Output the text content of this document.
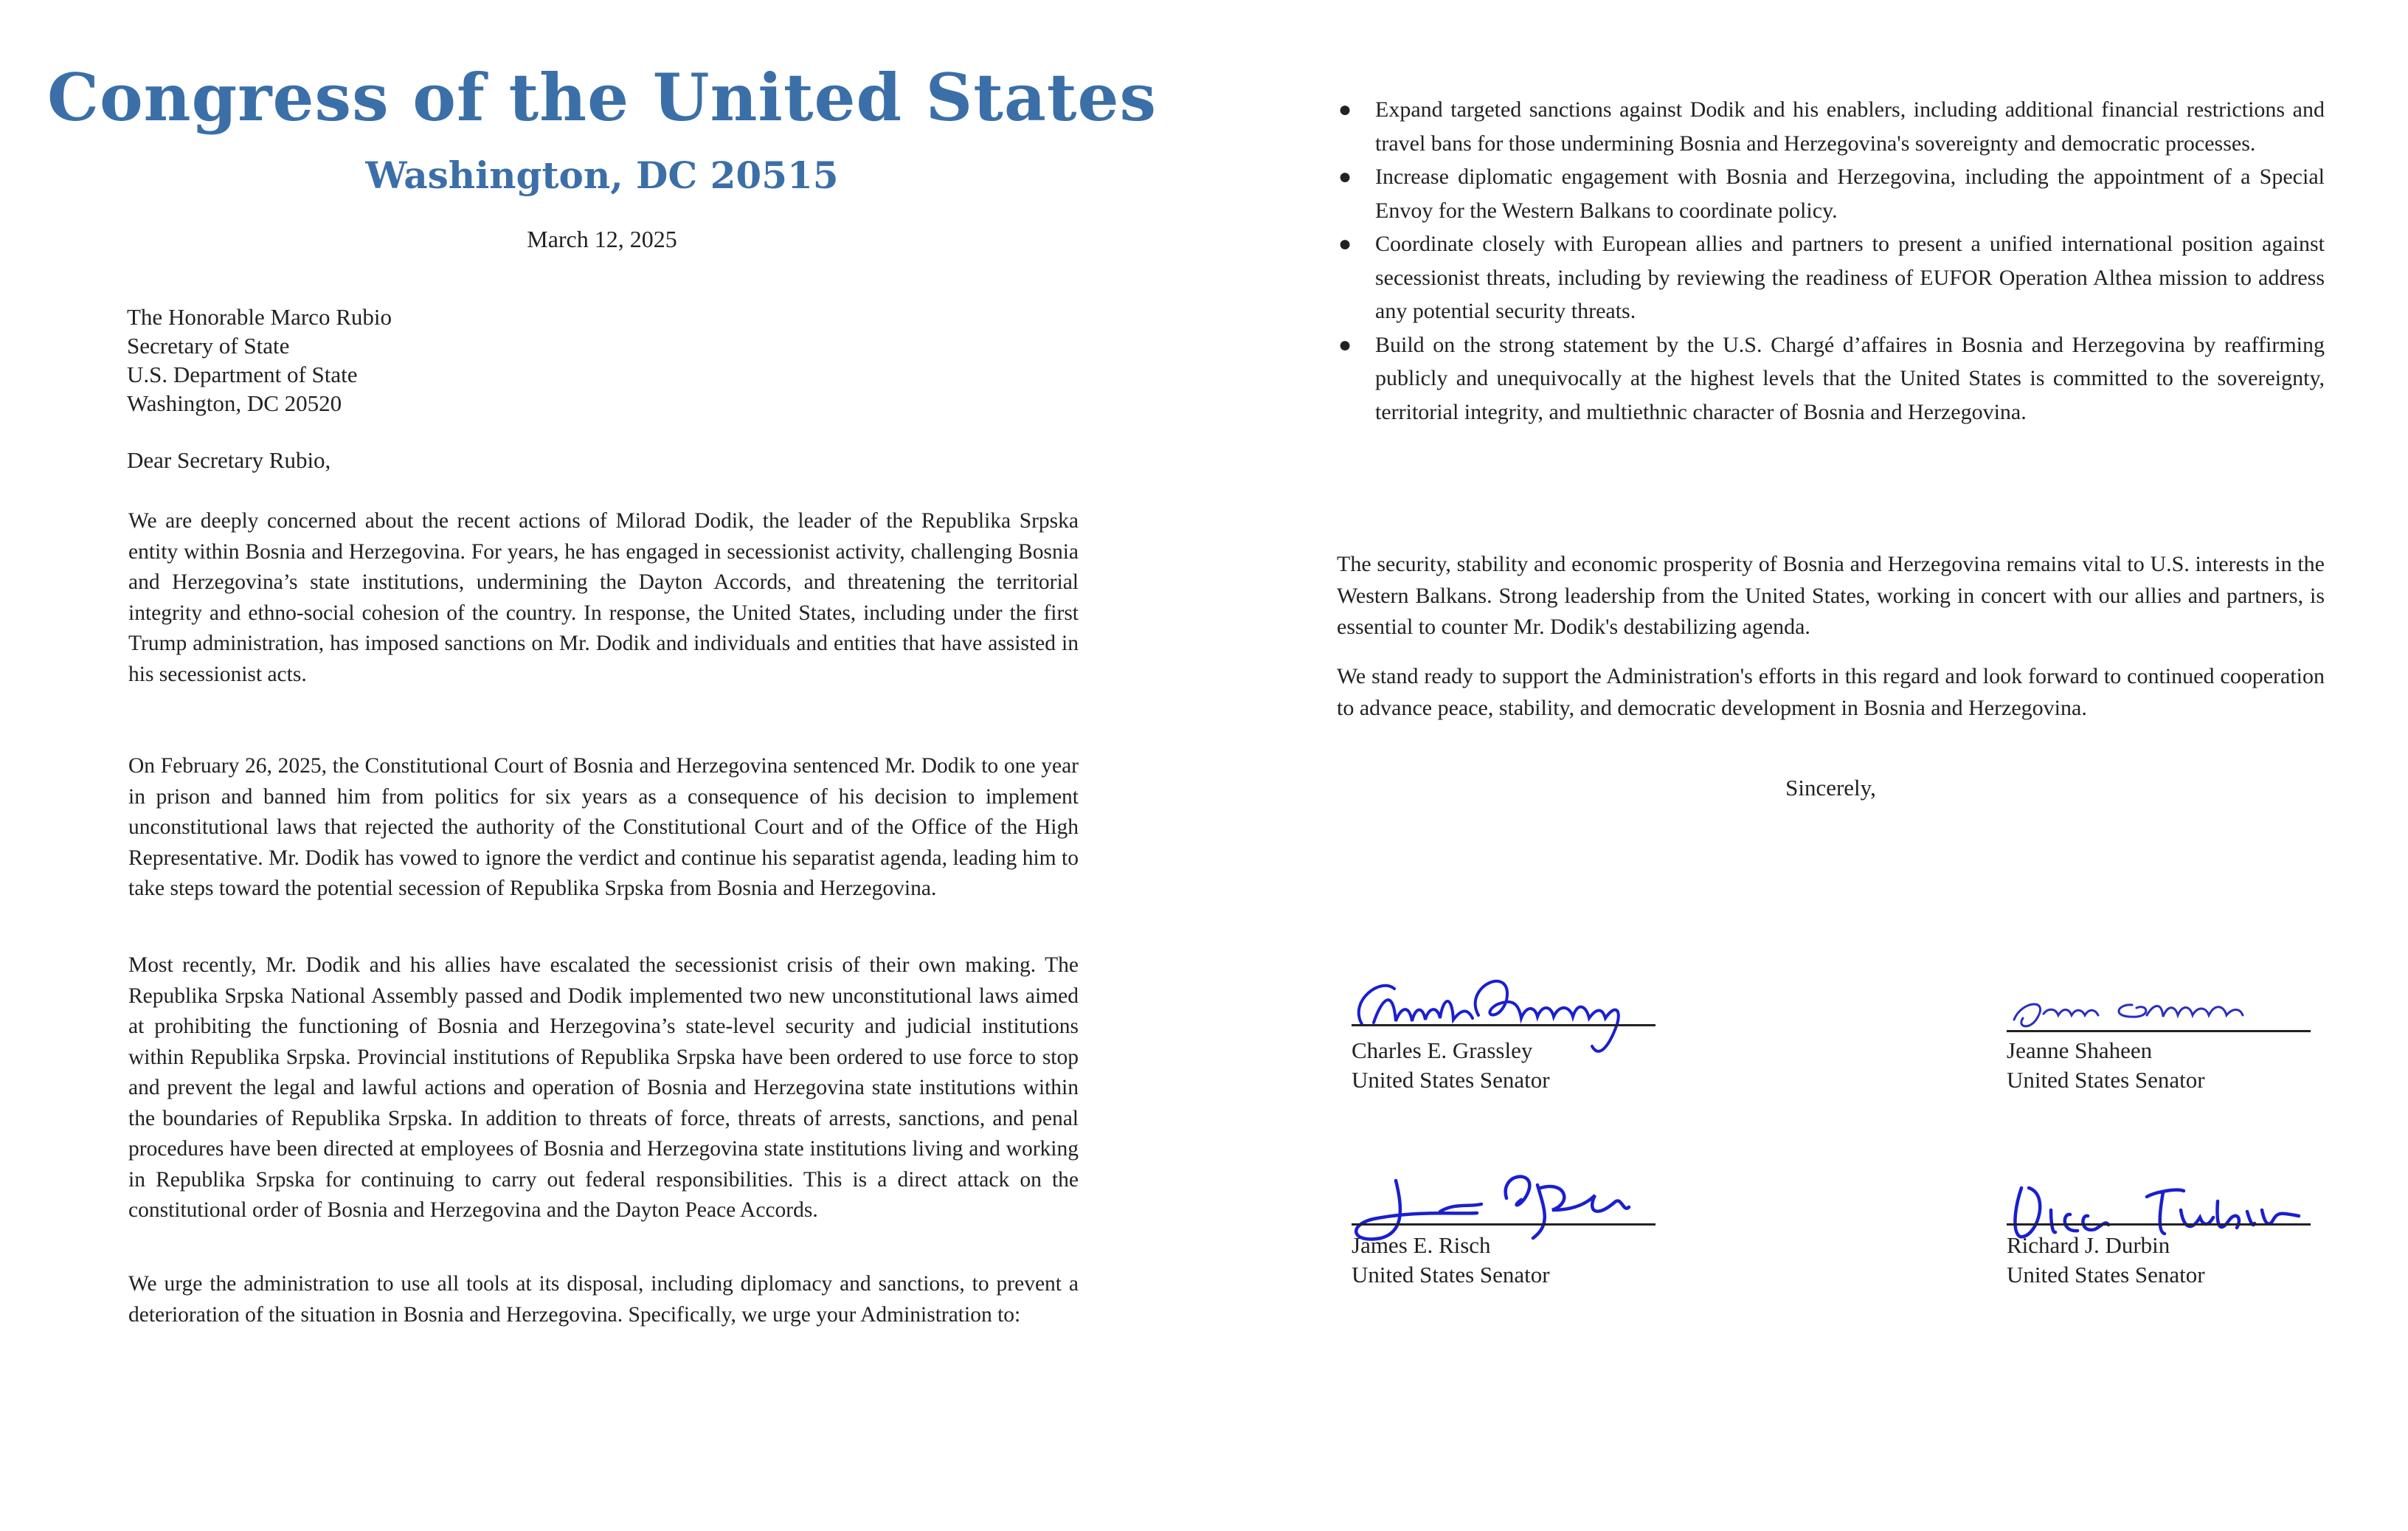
Congress of the United States
Washington, DC 20515
March 12, 2025
The Honorable Marco Rubio
Secretary of State
U.S. Department of State
Washington, DC 20520
Dear Secretary Rubio,

We are deeply concerned about the recent actions of Milorad Dodik, the leader of the Republika Srpska entity within Bosnia and Herzegovina. For years, he has engaged in secessionist activity, challenging Bosnia and Herzegovina’s state institutions, undermining the Dayton Accords, and threatening the territorial integrity and ethno-social cohesion of the country. In response, the United States, including under the first Trump administration, has imposed sanctions on Mr. Dodik and individuals and entities that have assisted in his secessionist acts.

On February 26, 2025, the Constitutional Court of Bosnia and Herzegovina sentenced Mr. Dodik to one year in prison and banned him from politics for six years as a consequence of his decision to implement unconstitutional laws that rejected the authority of the Constitutional Court and of the Office of the High Representative. Mr. Dodik has vowed to ignore the verdict and continue his separatist agenda, leading him to take steps toward the potential secession of Republika Srpska from Bosnia and Herzegovina.

Most recently, Mr. Dodik and his allies have escalated the secessionist crisis of their own making. The Republika Srpska National Assembly passed and Dodik implemented two new unconstitutional laws aimed at prohibiting the functioning of Bosnia and Herzegovina’s state-level security and judicial institutions within Republika Srpska. Provincial institutions of Republika Srpska have been ordered to use force to stop and prevent the legal and lawful actions and operation of Bosnia and Herzegovina state institutions within the boundaries of Republika Srpska. In addition to threats of force, threats of arrests, sanctions, and penal procedures have been directed at employees of Bosnia and Herzegovina state institutions living and working in Republika Srpska for continuing to carry out federal responsibilities. This is a direct attack on the constitutional order of Bosnia and Herzegovina and the Dayton Peace Accords.

We urge the administration to use all tools at its disposal, including diplomacy and sanctions, to prevent a deterioration of the situation in Bosnia and Herzegovina. Specifically, we urge your Administration to:

● Expand targeted sanctions against Dodik and his enablers, including additional financial restrictions and travel bans for those undermining Bosnia and Herzegovina's sovereignty and democratic processes.
● Increase diplomatic engagement with Bosnia and Herzegovina, including the appointment of a Special Envoy for the Western Balkans to coordinate policy.
● Coordinate closely with European allies and partners to present a unified international position against secessionist threats, including by reviewing the readiness of EUFOR Operation Althea mission to address any potential security threats.
● Build on the strong statement by the U.S. Chargé d’affaires in Bosnia and Herzegovina by reaffirming publicly and unequivocally at the highest levels that the United States is committed to the sovereignty, territorial integrity, and multiethnic character of Bosnia and Herzegovina.

The security, stability and economic prosperity of Bosnia and Herzegovina remains vital to U.S. interests in the Western Balkans. Strong leadership from the United States, working in concert with our allies and partners, is essential to counter Mr. Dodik's destabilizing agenda.

We stand ready to support the Administration's efforts in this regard and look forward to continued cooperation to advance peace, stability, and democratic development in Bosnia and Herzegovina.

Sincerely,
Charles E. Grassley
United States Senator
Jeanne Shaheen
United States Senator
James E. Risch
United States Senator
Richard J. Durbin
United States Senator
